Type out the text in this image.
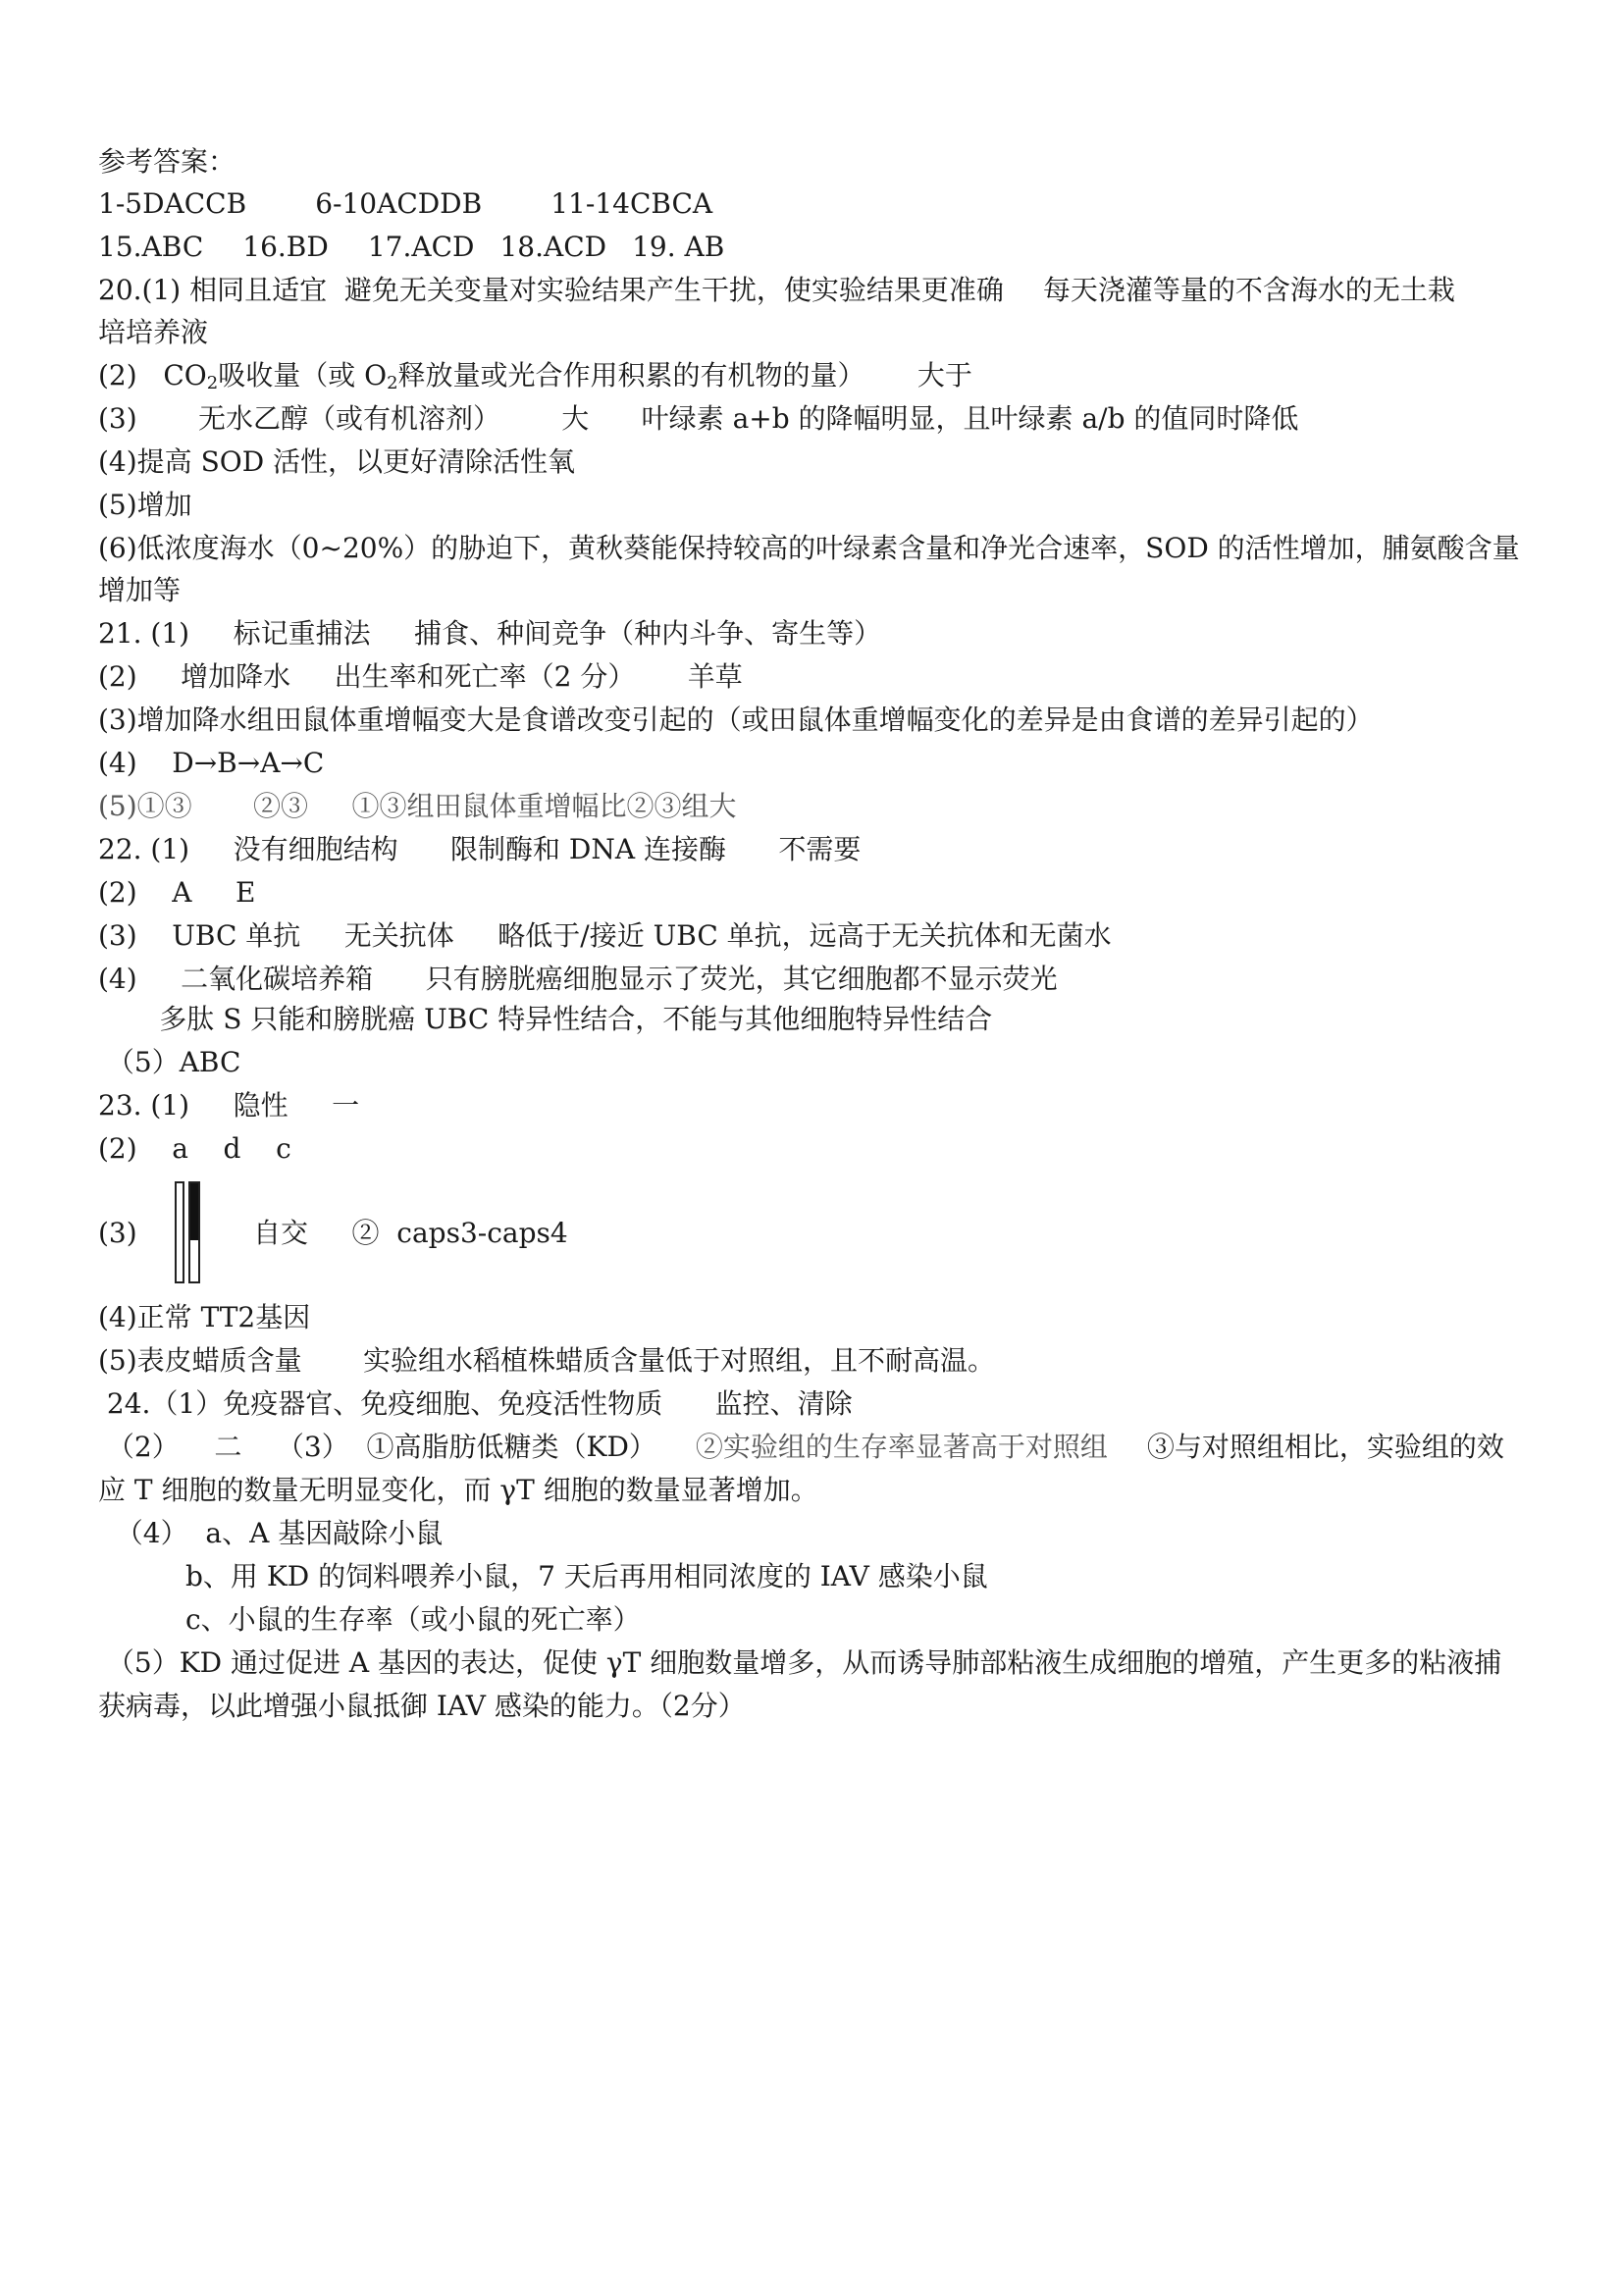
参考答案：
1-5DACCB	6-10ACDDB	11-14CBCA
15.ABC 16.BD 17.ACD 18.ACD 19. AB
20.(1) 相同且适宜  避免无关变量对实验结果产生干扰，使实验结果更准确 每天浇灌等量的不含海水的无土栽
培培养液
(2)   $CO_2$吸收量（或 $O_2$释放量或光合作用积累的有机物的量）      大于
(3)       无水乙醇（或有机溶剂）       大      叶绿素 a+b 的降幅明显，且叶绿素 a/b 的值同时降低
(4)提高 SOD 活性，以更好清除活性氧
(5)增加
(6)低浓度海水（0~20%）的胁迫下，黄秋葵能保持较高的叶绿素含量和净光合速率，SOD 的活性增加，脯氨酸含量
增加等
21. (1)     标记重捕法     捕食、种间竞争（种内斗争、寄生等）
(2)     增加降水     出生率和死亡率（2 分）      羊草
(3)增加降水组田鼠体重增幅变大是食谱改变引起的（或田鼠体重增幅变化的差异是由食谱的差异引起的）
(4)    D→B→A→C
(5)①③       ②③     ①③组田鼠体重增幅比②③组大
22. (1)     没有细胞结构      限制酶和 DNA 连接酶      不需要
(2)    A     E
(3)    UBC 单抗     无关抗体     略低于/接近 UBC 单抗，远高于无关抗体和无菌水
(4)     二氧化碳培养箱      只有膀胱癌细胞显示了荧光，其它细胞都不显示荧光
多肽 S 只能和膀胱癌 UBC 特异性结合，不能与其他细胞特异性结合
（5）ABC
23. (1)     隐性     一
(2)    a    d    c
(3)	自交     ②  caps3-caps4
(4)正常 TT2基因
(5)表皮蜡质含量       实验组水稻植株蜡质含量低于对照组，且不耐高温。
24.（1）免疫器官、免疫细胞、免疫活性物质      监控、清除
（2）    二    （3）  ①高脂肪低糖类（KD） ②实验组的生存率显著高于对照组 ③与对照组相比，实验组的效
应 T 细胞的数量无明显变化，而 γT 细胞的数量显著增加。
（4）  a、A 基因敲除小鼠
b、用 KD 的饲料喂养小鼠，7 天后再用相同浓度的 IAV 感染小鼠
c、小鼠的生存率（或小鼠的死亡率）
（5）KD 通过促进 A 基因的表达，促使 γT 细胞数量增多，从而诱导肺部粘液生成细胞的增殖，产生更多的粘液捕
获病毒，以此增强小鼠抵御 IAV 感染的能力。（2分）
